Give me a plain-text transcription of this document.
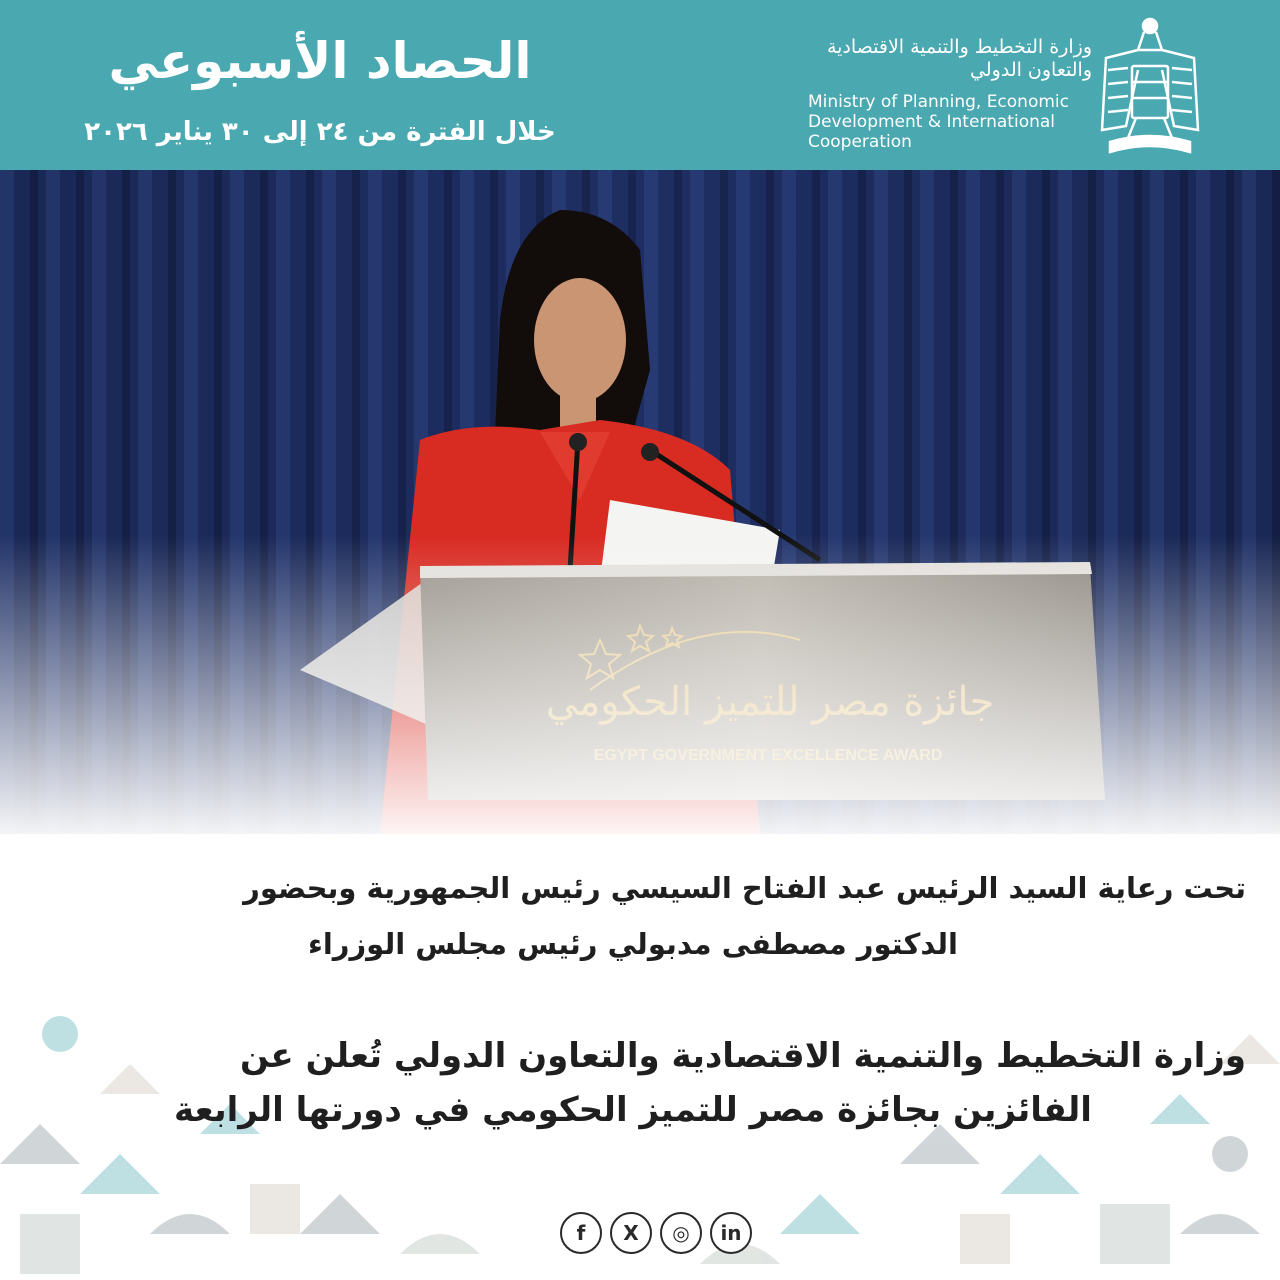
الحصاد الأسبوعي
خلال الفترة من ٢٤ إلى ٣٠ يناير ٢٠٢٦
وزارة التخطيط والتنمية الاقتصادية
والتعاون الدولي
Ministry of Planning, Economic
Development & International
Cooperation
تحت رعاية السيد الرئيس عبد الفتاح السيسي رئيس الجمهورية وبحضور
الدكتور مصطفى مدبولي رئيس مجلس الوزراء
وزارة التخطيط والتنمية الاقتصادية والتعاون الدولي تُعلن عن
الفائزين بجائزة مصر للتميز الحكومي في دورتها الرابعة
f	X	◎	in
